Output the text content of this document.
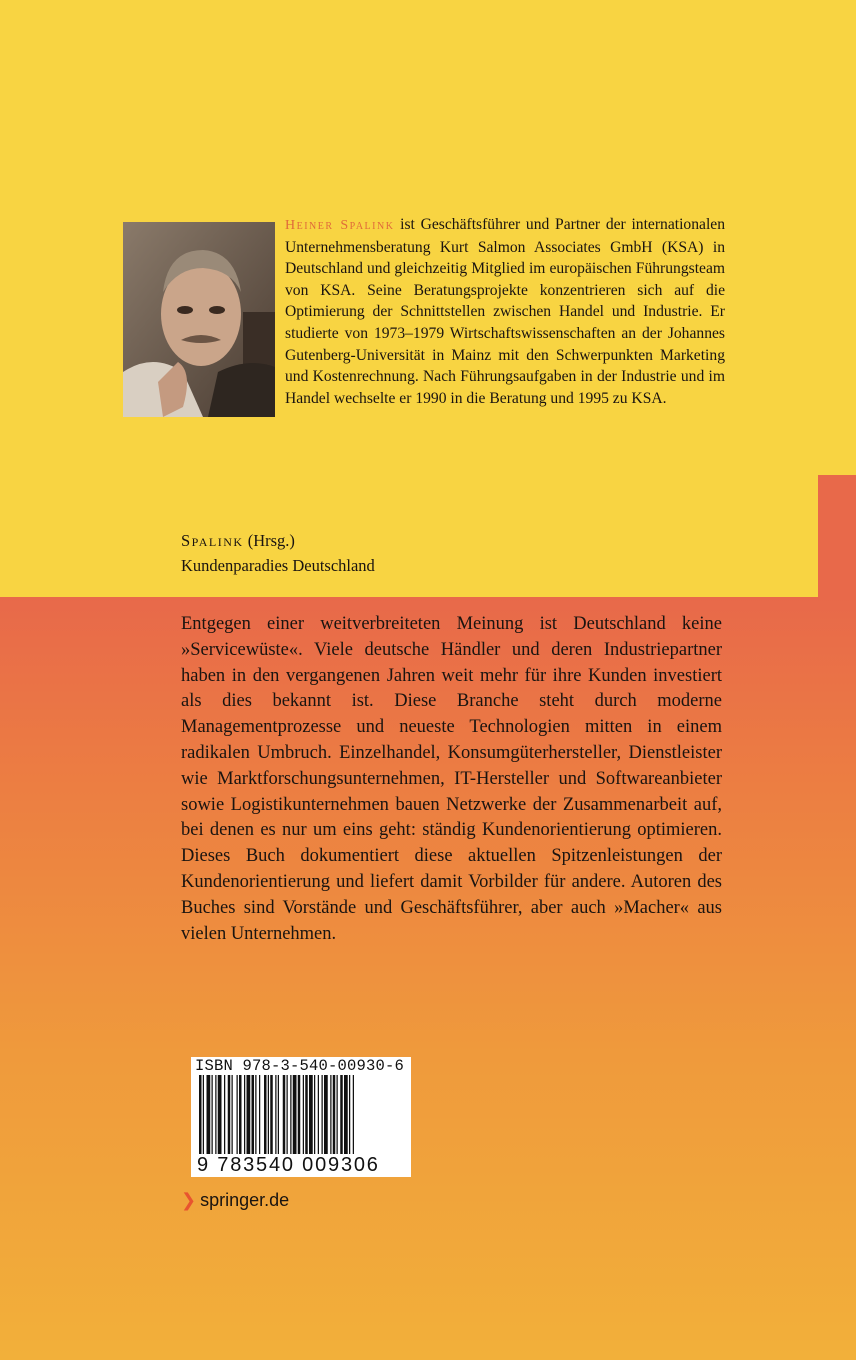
Heiner Spalink ist Geschäftsführer und Partner der internationalen Unternehmensberatung Kurt Salmon Associates GmbH (KSA) in Deutschland und gleichzeitig Mitglied im europäischen Führungsteam von KSA. Seine Beratungsprojekte konzentrieren sich auf die Optimierung der Schnittstellen zwischen Handel und Industrie. Er studierte von 1973–1979 Wirtschaftswissenschaften an der Johannes Gutenberg-Universität in Mainz mit den Schwerpunkten Marketing und Kostenrechnung. Nach Führungsaufgaben in der Industrie und im Handel wechselte er 1990 in die Beratung und 1995 zu KSA.
Spalink (Hrsg.)
Kundenparadies Deutschland
Entgegen einer weitverbreiteten Meinung ist Deutschland keine »Servicewüste«. Viele deutsche Händler und deren Industriepartner haben in den vergangenen Jahren weit mehr für ihre Kunden investiert als dies bekannt ist. Diese Branche steht durch moderne Managementprozesse und neueste Technologien mitten in einem radikalen Umbruch. Einzelhandel, Konsumgüterhersteller, Dienstleister wie Marktforschungsunternehmen, IT-Hersteller und Softwareanbieter sowie Logistikunternehmen bauen Netzwerke der Zusammenarbeit auf, bei denen es nur um eins geht: ständig Kundenorientierung optimieren. Dieses Buch dokumentiert diese aktuellen Spitzenleistungen der Kundenorientierung und liefert damit Vorbilder für andere. Autoren des Buches sind Vorstände und Geschäftsführer, aber auch »Macher« aus vielen Unternehmen.
ISBN 978-3-540-00930-6
9 783540 009306
❯ springer.de
